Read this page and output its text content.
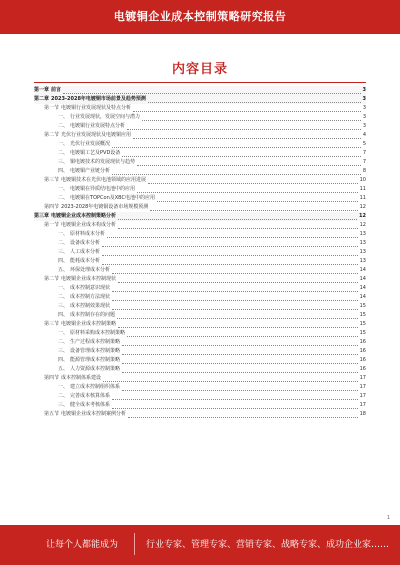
电镀铜企业成本控制策略研究报告
内容目录
第一章 前言	3
第二章 2023-2028年电镀铜市场前景及趋势预测	3
第一节 电镀铜行业发展现状及特点分析	3
一、 行业发展现状，发展空间与潜力	3
二、 电镀铜行业发展特点分析	3
第二节 光伏行业发展现状及电镀铜应用	4
一、 光伏行业发展概况	5
二、 电镀铜工艺及PVD设备	7
三、 铜电镀技术的发展现状与趋势	7
四、 电镀铜产业链分析	8
第三节 电镀铜技术在光伏电池领域的应用进展	10
一、 电镀铜在异质结电池中的应用	11
二、 电镀铜在TOPCon及XBC电池中的应用	11
第四节 2023-2028年电镀铜设备市场规模预测	12
第三章 电镀铜企业成本控制策略分析	12
第一节 电镀铜企业成本构成分析	12
一、 原材料成本分析	13
二、 设备成本分析	13
三、 人工成本分析	13
四、 能耗成本分析	13
五、 环保处理成本分析	14
第二节 电镀铜企业成本控制现状	14
一、 成本控制意识现状	14
二、 成本控制方法现状	14
三、 成本控制效果现状	15
四、 成本控制存在的问题	15
第三节 电镀铜企业成本控制策略	15
一、 原材料采购成本控制策略	15
二、 生产过程成本控制策略	16
三、 设备管理成本控制策略	16
四、 能源管理成本控制策略	16
五、 人力资源成本控制策略	16
第四节 成本控制体系建设	17
一、 建立成本控制组织体系	17
二、 完善成本核算体系	17
三、 健全成本考核体系	17
第五节 电镀铜企业成本控制案例分析	18
1
让每个人都能成为	行业专家、管理专家、营销专家、战略专家、成功企业家……
